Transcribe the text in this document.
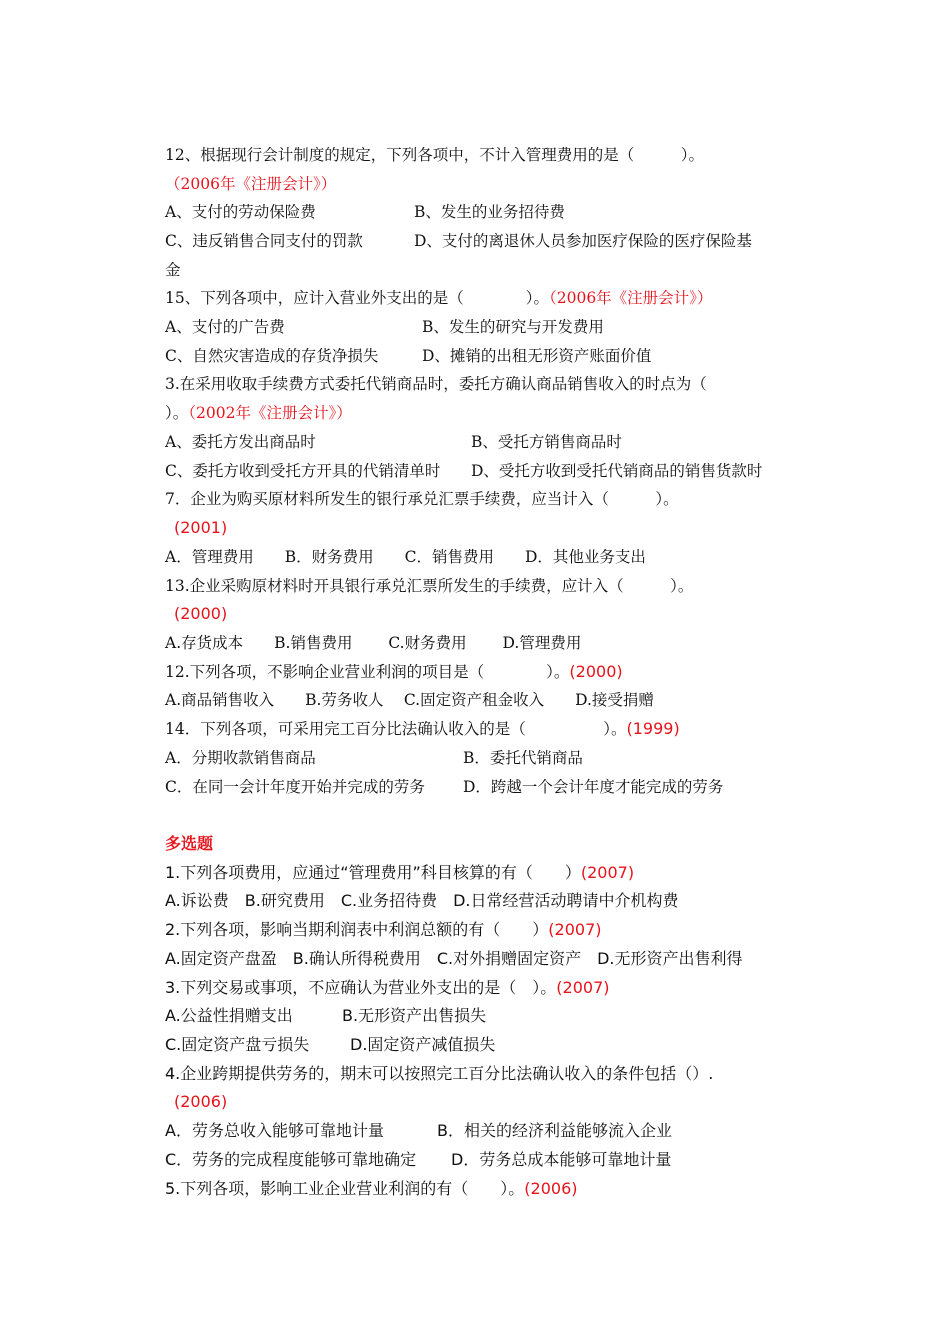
12、根据现行会计制度的规定，下列各项中，不计入管理费用的是（　　　）。
（2006年《注册会计》）
A、支付的劳动保险费	B、发生的业务招待费
C、违反销售合同支付的罚款	D、支付的离退休人员参加医疗保险的医疗保险基
金
15、下列各项中，应计入营业外支出的是（　　　　）。（2006年《注册会计》）
A、支付的广告费	B、发生的研究与开发费用
C、自然灾害造成的存货净损失	D、摊销的出租无形资产账面价值
3.在采用收取手续费方式委托代销商品时，委托方确认商品销售收入的时点为（
）。（2002年《注册会计》）
A、委托方发出商品时	B、受托方销售商品时
C、委托方收到受托方开具的代销清单时 D、受托方收到受托代销商品的销售货款时
7．企业为购买原材料所发生的银行承兑汇票手续费，应当计入（　　　）。
(2001)
A．管理费用　　B．财务费用　　C．销售费用　　D．其他业务支出
13.企业采购原材料时开具银行承兑汇票所发生的手续费，应计入（　　　）。
(2000)
A.存货成本　　B.销售费用　　 C.财务费用　　 D.管理费用
12.下列各项，不影响企业营业利润的项目是（　　　　）。(2000)
A.商品销售收入　　B.劳务收人　 C.固定资产租金收入　　D.接受捐赠
14．下列各项，可采用完工百分比法确认收入的是（　　　　　）。(1999)
A．分期收款销售商品	B．委托代销商品
C．在同一会计年度开始并完成的劳务 D．跨越一个会计年度才能完成的劳务
多选题
1.下列各项费用，应通过“管理费用”科目核算的有（　　）(2007)
A.诉讼费　B.研究费用　C.业务招待费　D.日常经营活动聘请中介机构费
2.下列各项，影响当期利润表中利润总额的有（　　）(2007)
A.固定资产盘盈　B.确认所得税费用　C.对外捐赠固定资产　D.无形资产出售利得
3.下列交易或事项，不应确认为营业外支出的是（　）。(2007)
A.公益性捐赠支出	B.无形资产出售损失
C.固定资产盘亏损失	D.固定资产减值损失
4.企业跨期提供劳务的，期末可以按照完工百分比法确认收入的条件包括（）.
(2006)
A．劳务总收入能够可靠地计量	B．相关的经济利益能够流入企业
C．劳务的完成程度能够可靠地确定 D．劳务总成本能够可靠地计量
5.下列各项，影响工业企业营业利润的有（　　）。(2006)
